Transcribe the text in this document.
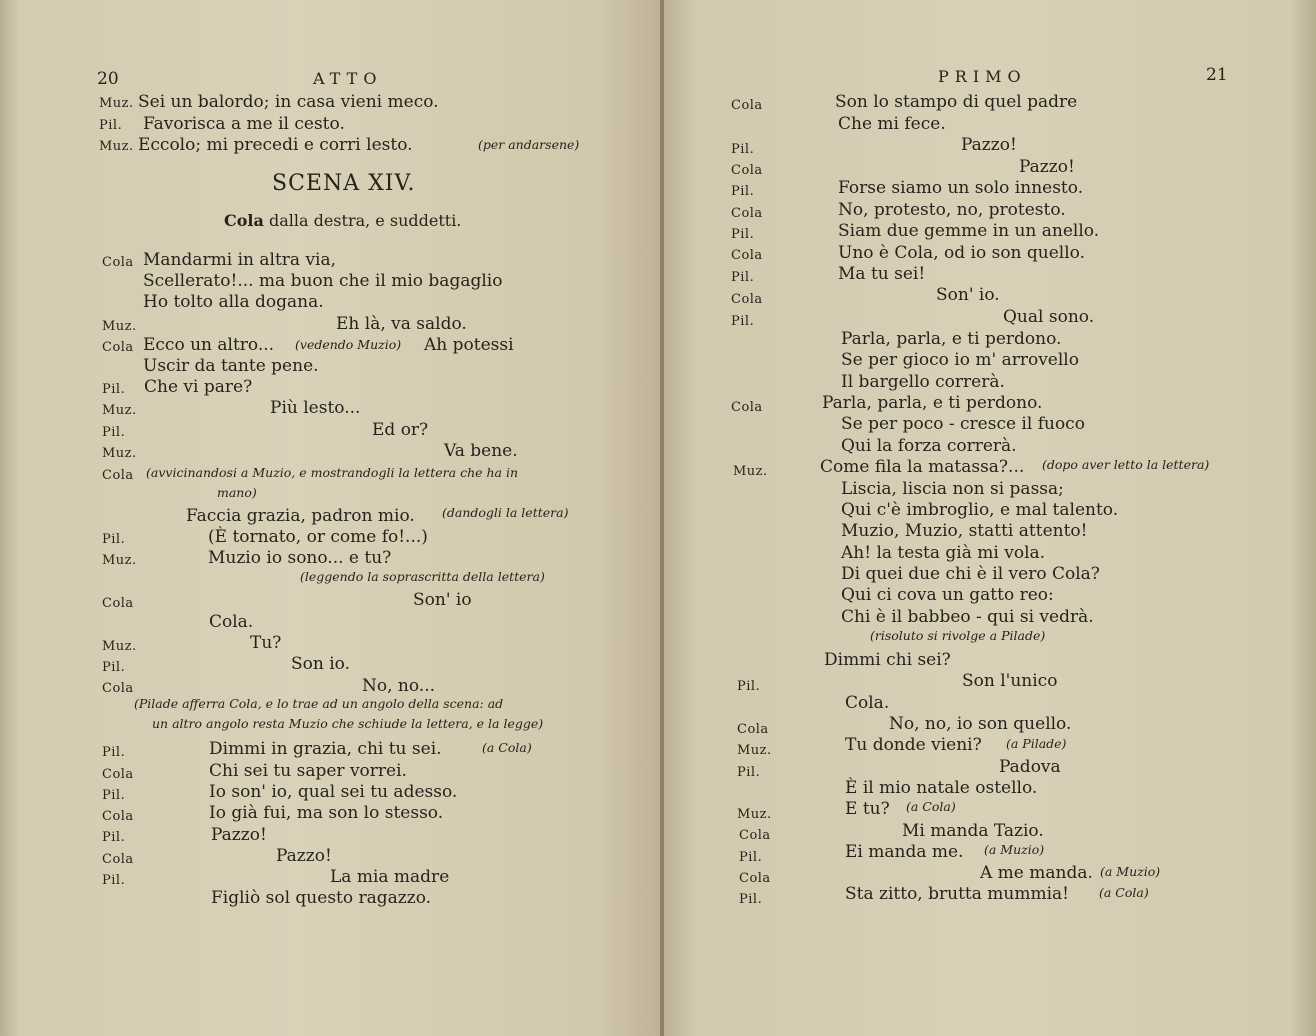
20	ATTO
Muz. Sei un balordo; in casa vieni meco.
Pil. Favorisca a me il cesto.
Muz. Eccolo; mi precedi e corri lesto.	(per andarsene)
SCENA XIV.
Cola dalla destra, e suddetti.
Cola Mandarmi in altra via,
Scellerato!... ma buon che il mio bagaglio
Ho tolto alla dogana.
Muz.	Eh là, va saldo.
Cola Ecco un altro... (vedendo Muzio) Ah potessi
Uscir da tante pene.
Pil. Che vi pare?
Muz.	Più lesto...
Pil.	Ed or?
Muz.	Va bene.
Cola (avvicinandosi a Muzio, e mostrandogli la lettera che ha in
mano)
Faccia grazia, padron mio. (dandogli la lettera)
Pil.	(È tornato, or come fo!...)
Muz.	Muzio io sono... e tu?
(leggendo la soprascritta della lettera)
Cola	Son' io
Cola.
Muz.	Tu?
Pil.	Son io.
Cola	No, no...
(Pilade afferra Cola, e lo trae ad un angolo della scena: ad
un altro angolo resta Muzio che schiude la lettera, e la legge)
Pil.	Dimmi in grazia, chi tu sei.	(a Cola)
Cola	Chi sei tu saper vorrei.
Pil.	Io son' io, qual sei tu adesso.
Cola	Io già fui, ma son lo stesso.
Pil.	Pazzo!
Cola	Pazzo!
Pil.	La mia madre
Figliò sol questo ragazzo.
PRIMO	21
Cola	Son lo stampo di quel padre
Che mi fece.
Pil.	Pazzo!
Cola	Pazzo!
Pil.	Forse siamo un solo innesto.
Cola	No, protesto, no, protesto.
Pil.	Siam due gemme in un anello.
Cola	Uno è Cola, od io son quello.
Pil.	Ma tu sei!
Cola	Son' io.
Pil.	Qual sono.
Parla, parla, e ti perdono.
Se per gioco io m' arrovello
Il bargello correrà.
Cola	Parla, parla, e ti perdono.
Se per poco - cresce il fuoco
Qui la forza correrà.
Muz.	Come fila la matassa?... (dopo aver letto la lettera)
Liscia, liscia non si passa;
Qui c'è imbroglio, e mal talento.
Muzio, Muzio, statti attento!
Ah! la testa già mi vola.
Di quei due chi è il vero Cola?
Qui ci cova un gatto reo:
Chi è il babbeo - qui si vedrà.
(risoluto si rivolge a Pilade)
Dimmi chi sei?
Pil.	Son l'unico
Cola.
Cola	No, no, io son quello.
Muz.	Tu donde vieni? (a Pilade)
Pil.	Padova
È il mio natale ostello.
Muz.	E tu? (a Cola)
Cola	Mi manda Tazio.
Pil.	Ei manda me. (a Muzio)
Cola	A me manda. (a Muzio)
Pil.	Sta zitto, brutta mummia! (a Cola)
